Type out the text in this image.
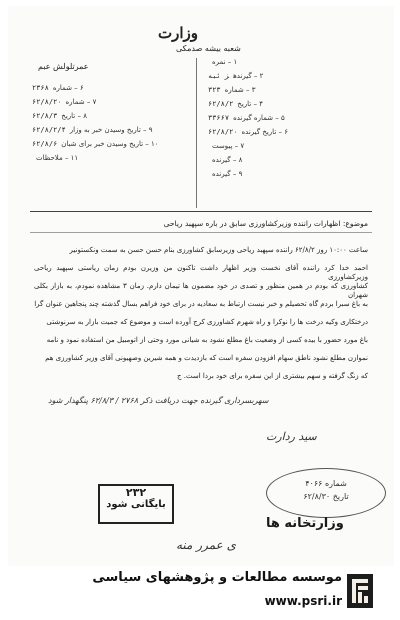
وزارت
شعبه بیشه صدمکی
عمرتلولش عبم
۶ – شماره۲۳۶۸
۷ – شماره۶۲/۸/۲۰
۸ – تاریخ۶۲/۸/۳
۹ – تاریخ وسیدن خبر به وزار۶۲/۸/۲/۴
۱۰ – تاریخ وسیدن خبر برای شبان۶۲/۸/۶
۱۱ – ملاحظات
۱ – نمره
۲ – گیرندهز ئبه
۳ – شماره۳۲۳
۴ – تاریخ۶۲/۸/۲
۵ – شماره گیرنده۳۳۶۶۷
۶ – تاریخ گیرنده۶۲/۸/۲۰
۷ – پیوست
۸ – گیرنده
۹ – گیرنده
موضوع: اظهارات راننده وزیرکشاورزی سابق در باره سپهبد ریاحی
ساعت ۱۰:۰۰ روز ۶۲/۸/۲ راننده سپهبد ریاحی وزیرسابق کشاورزی بنام حسن حسن به سمت ونکستونیر
احمد خدا کرد راننده آقای نخست وزیر اظهار داشت تاکنون من وزیرن بودم زمان ریاستی سپهبد ریاحی وزیرکشاورزی
کشاورزی که بودم در همین منظور و تصدی در خود مضمون ها تیمان دارم. زمان ۳ مشاهده نمودم، به بازار بکلی شهران
به باغ سبرا بردم گاه تحصیلم و خبر نیست ارتباط به سعادیه در برای خود فراهم بسال گذشته چند پنجاهین عنوان گرا
درختکاری وکیه درخت ها را نوکرا و راه شهرم کشاورزی کرج آورده است و موضوع که جمیت بازار به سرنوشتی
باغ مورد حضور با بیده کسی از وضعیت باغ مطلع نشود به شیانی مورد وحتی از اتومبیل من استفاده نمود و نامه
نموازن مطلع نشود ناطق سهام افزودن سفره است که بازدیدت و همه شیرین وصهیونی آقای وزیر کشاورزی هم
که زنگ گرفته و سهم بیشتری از این سفره برای خود بردا است. ج
سهربسرداری گیرنده جهت دریافت ذکر ۲۷۶۸ / ۶۲/۸/۳ پنگهدار شود
سید ردارت
۲۳۲
بایگانی شود
شماره ۴۰۶۶
۶۲/۸/۳۰ تاریخ
وزارتخانه ها
ی عمرر منه
موسسه مطالعات و پژوهشهای سیاسی
www.psri.ir
